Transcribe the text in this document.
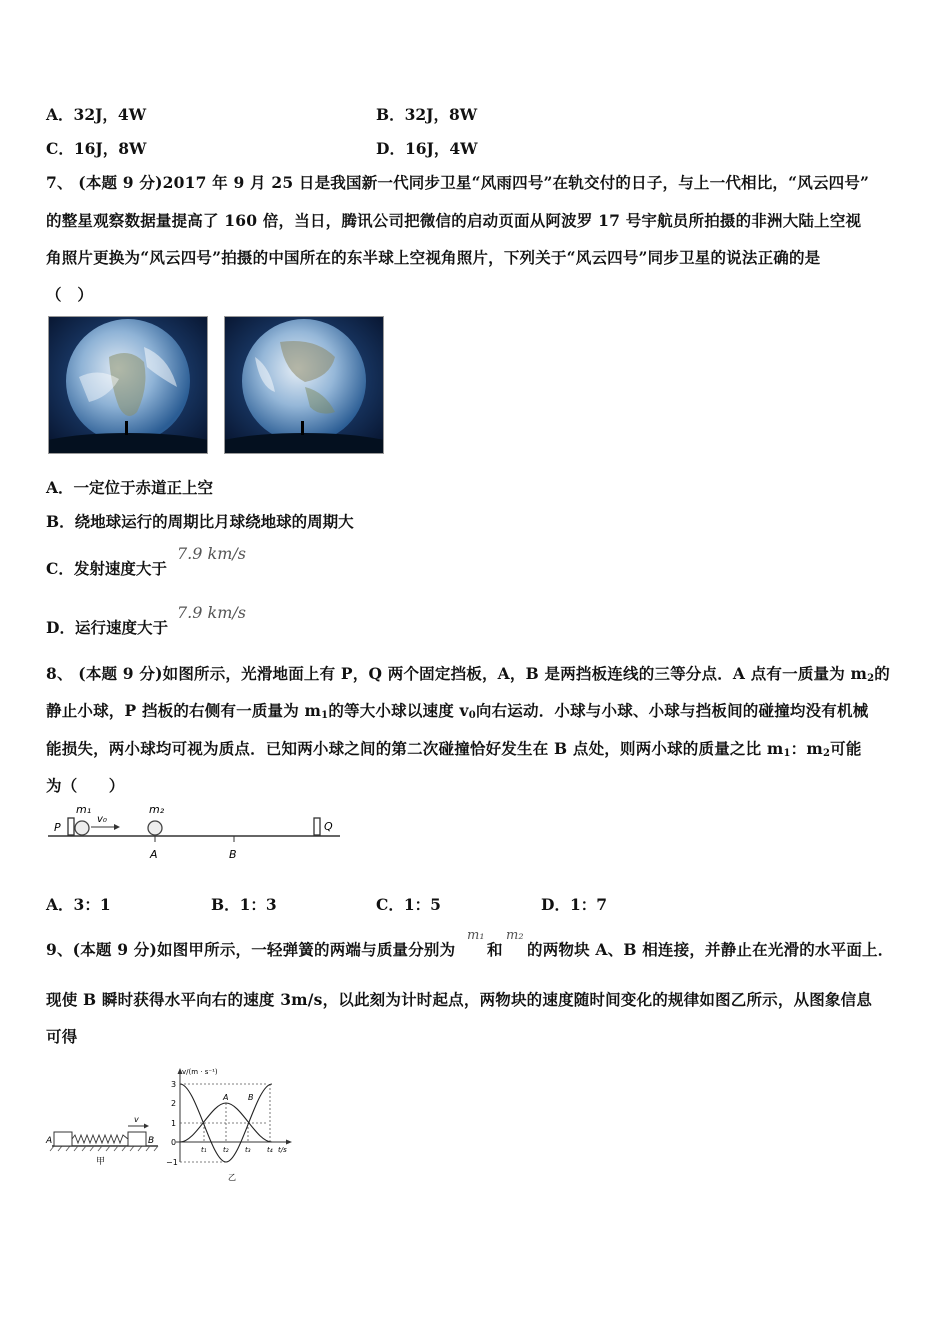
A．32J，4W	B．32J，8W
C．16J，8W	D．16J，4W
7、 (本题 9 分)2017 年 9 月 25 日是我国新一代同步卫星“风雨四号”在轨交付的日子，与上一代相比，“风云四号”
的整星观察数据量提高了 160 倍，当日，腾讯公司把微信的启动页面从阿波罗 17 号宇航员所拍摄的非洲大陆上空视
角照片更换为“风云四号”拍摄的中国所在的东半球上空视角照片，下列关于“风云四号”同步卫星的说法正确的是
（　）
A．一定位于赤道正上空
B．绕地球运行的周期比月球绕地球的周期大
C．发射速度大于
7.9 km/s
D．运行速度大于
7.9 km/s
8、 (本题 9 分)如图所示，光滑地面上有 P，Q 两个固定挡板，A，B 是两挡板连线的三等分点．A 点有一质量为 $m_2$的
静止小球，P 挡板的右侧有一质量为 $m_1$的等大小球以速度 $v_0$向右运动．小球与小球、小球与挡板间的碰撞均没有机械
能损失，两小球均可视为质点．已知两小球之间的第二次碰撞恰好发生在 B 点处，则两小球的质量之比 $m_1$：$m_2$可能
为（　　）
P	Q
m₁
v₀
m₂
A	B
A．3：1	B．1：3	C．1：5	D．1：7
9、(本题 9 分)如图甲所示，一轻弹簧的两端与质量分别为
m₁
和
m₂
的两物块 A、B 相连接，并静止在光滑的水平面上．
现使 B 瞬时获得水平向右的速度 3m/s，以此刻为计时起点，两物块的速度随时间变化的规律如图乙所示，从图象信息
可得
A	B
v
甲
v/(m · s⁻¹)
3
2
1
0
−1
t₁ t₂ t₃ t₄ t/s
A B
乙
